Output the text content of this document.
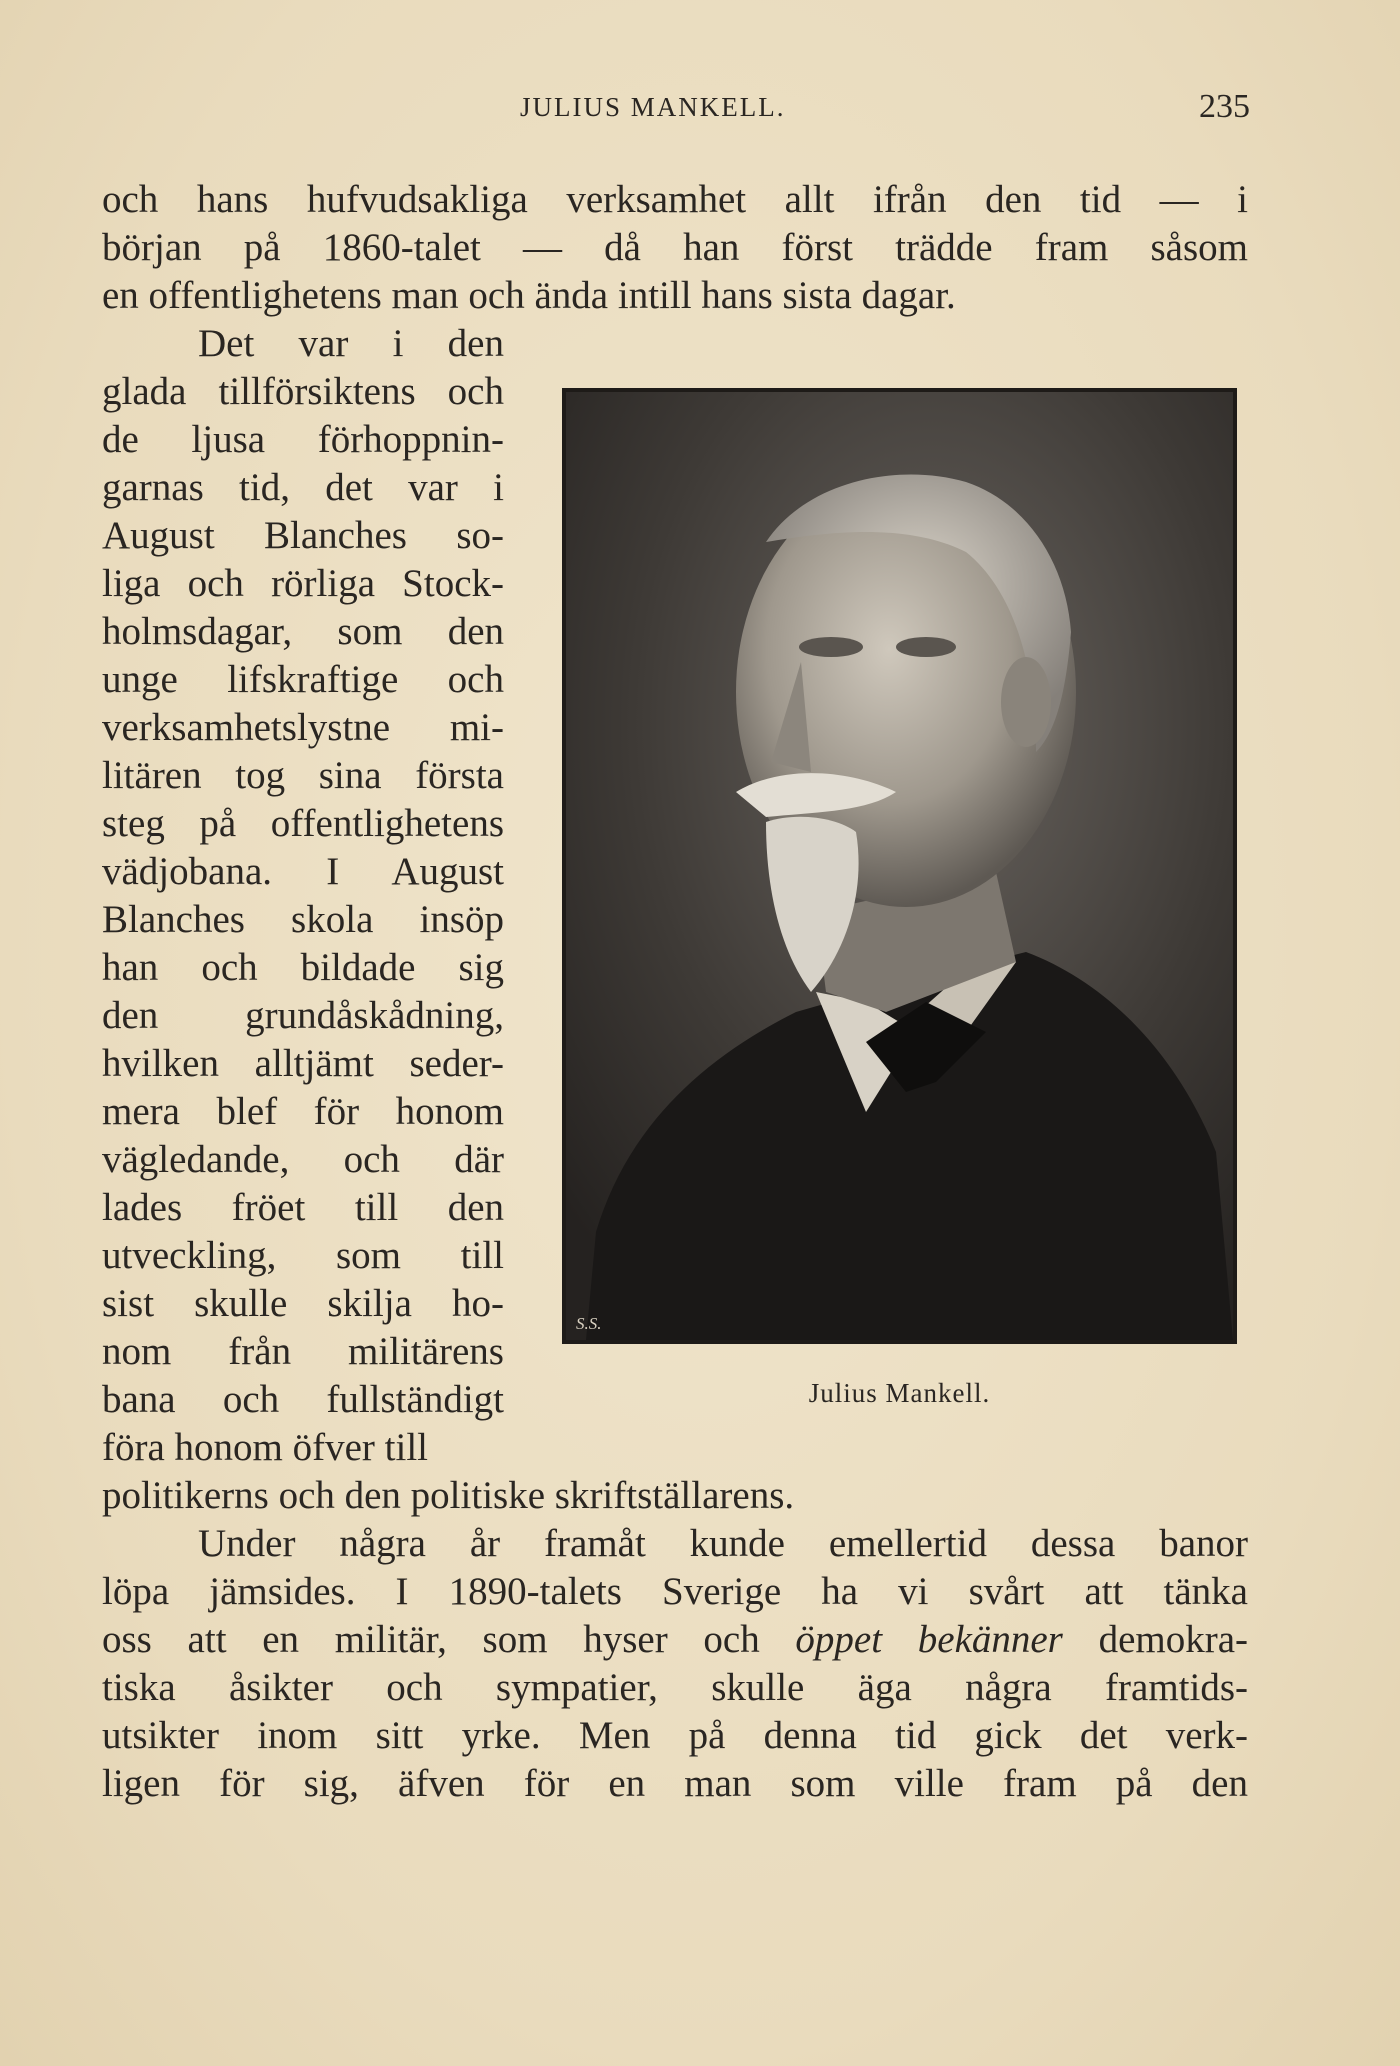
JULIUS MANKELL.	235
och hans hufvudsakliga verksamhet allt ifrån den tid — i
början på 1860-talet — då han först trädde fram såsom
en offentlighetens man och ända intill hans sista dagar.
Det var i den
glada tillförsiktens och
de ljusa förhoppnin-
garnas tid, det var i
August Blanches so-
liga och rörliga Stock-
holmsdagar, som den
unge lifskraftige och
verksamhetslystne mi-
litären tog sina första
steg på offentlighetens
vädjobana. I August
Blanches skola insöp
han och bildade sig
den grundåskådning,
hvilken alltjämt seder-
mera blef för honom
vägledande, och där
lades fröet till den
utveckling, som till
sist skulle skilja ho-
nom från militärens
bana och fullständigt
föra honom öfver till
S.S.
Julius Mankell.
politikerns och den politiske skriftställarens.
Under några år framåt kunde emellertid dessa banor
löpa jämsides. I 1890-talets Sverige ha vi svårt att tänka
oss att en militär, som hyser och öppet bekänner demokra-
tiska åsikter och sympatier, skulle äga några framtids-
utsikter inom sitt yrke. Men på denna tid gick det verk-
ligen för sig, äfven för en man som ville fram på den
